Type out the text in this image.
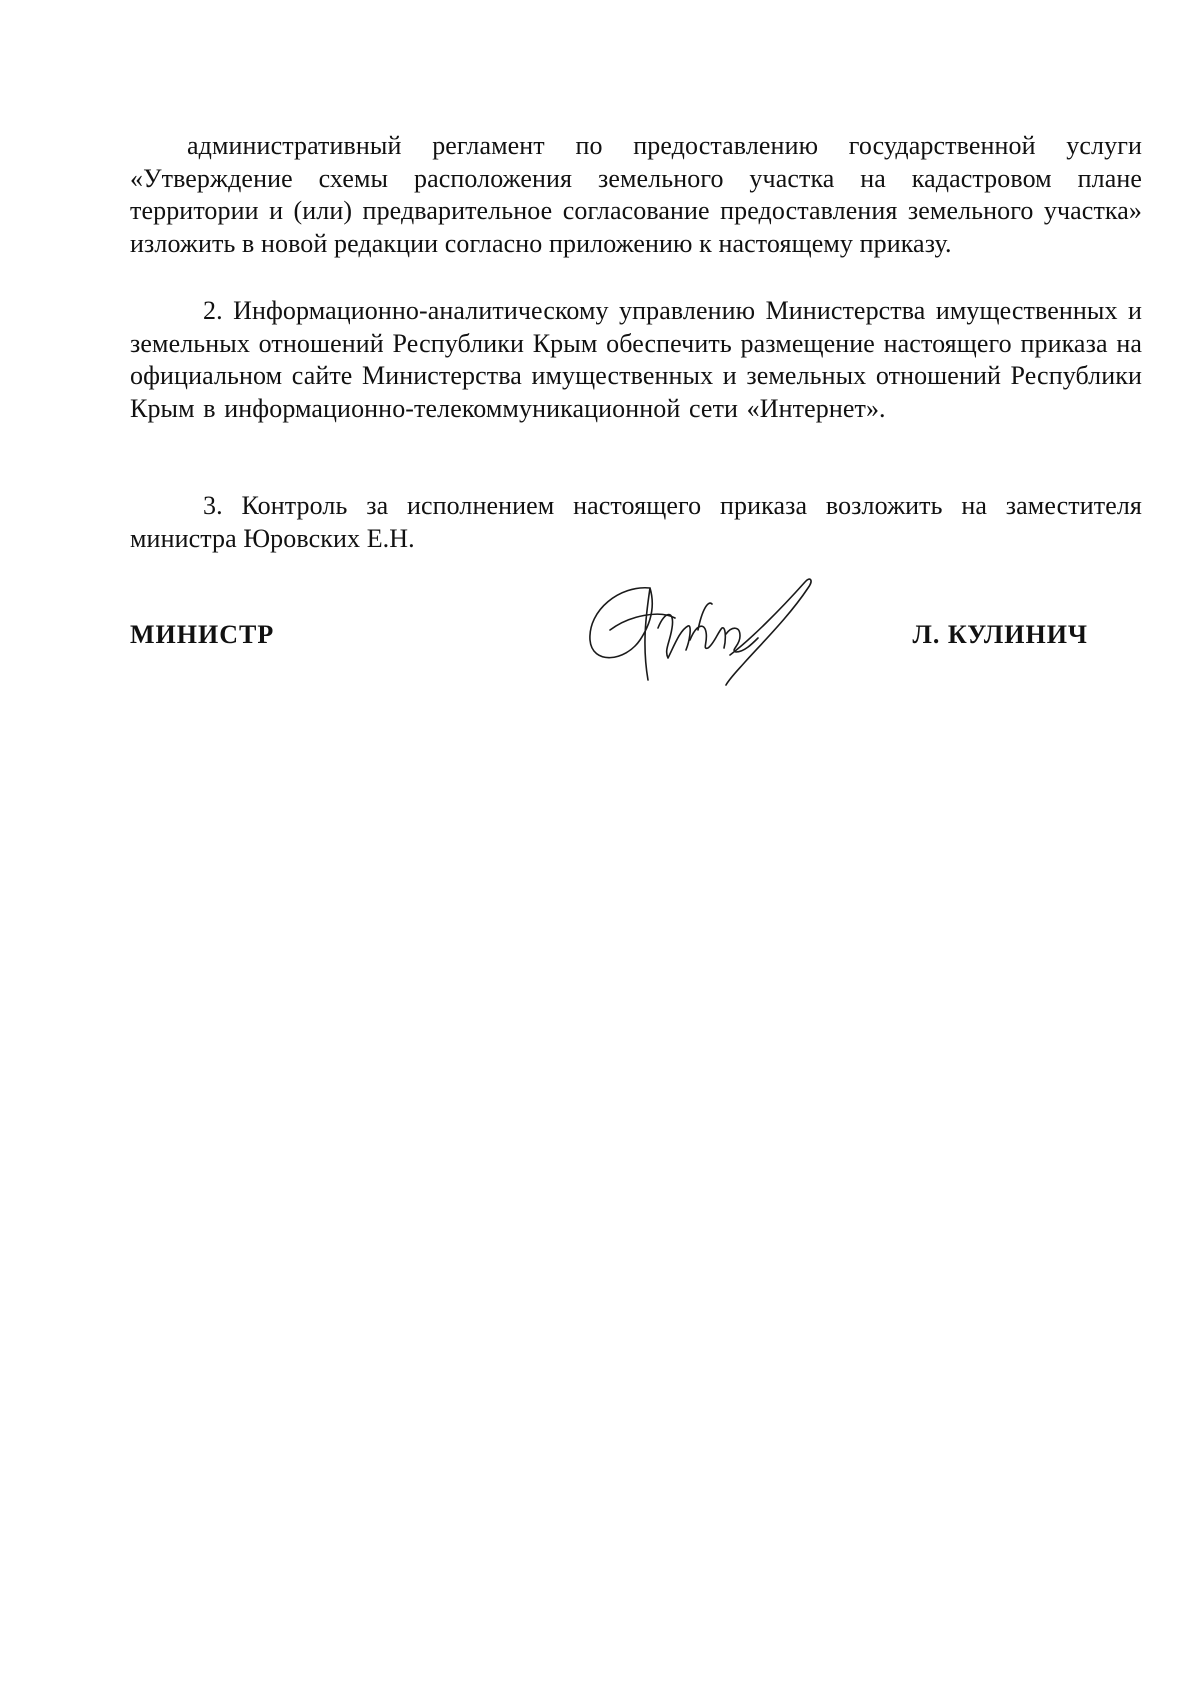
административный регламент по предоставлению государственной услуги «Утверждение схемы расположения земельного участка на кадастровом плане территории и (или) предварительное согласование предоставления земельного участка» изложить в новой редакции согласно приложению к настоящему приказу.

2. Информационно-аналитическому управлению Министерства имущественных и земельных отношений Республики Крым обеспечить размещение настоящего приказа на официальном сайте Министерства имущественных и земельных отношений Республики Крым в информационно-телекоммуникационной сети «Интернет».

3. Контроль за исполнением настоящего приказа возложить на заместителя министра Юровских Е.Н.

МИНИСТР	Л. КУЛИНИЧ
